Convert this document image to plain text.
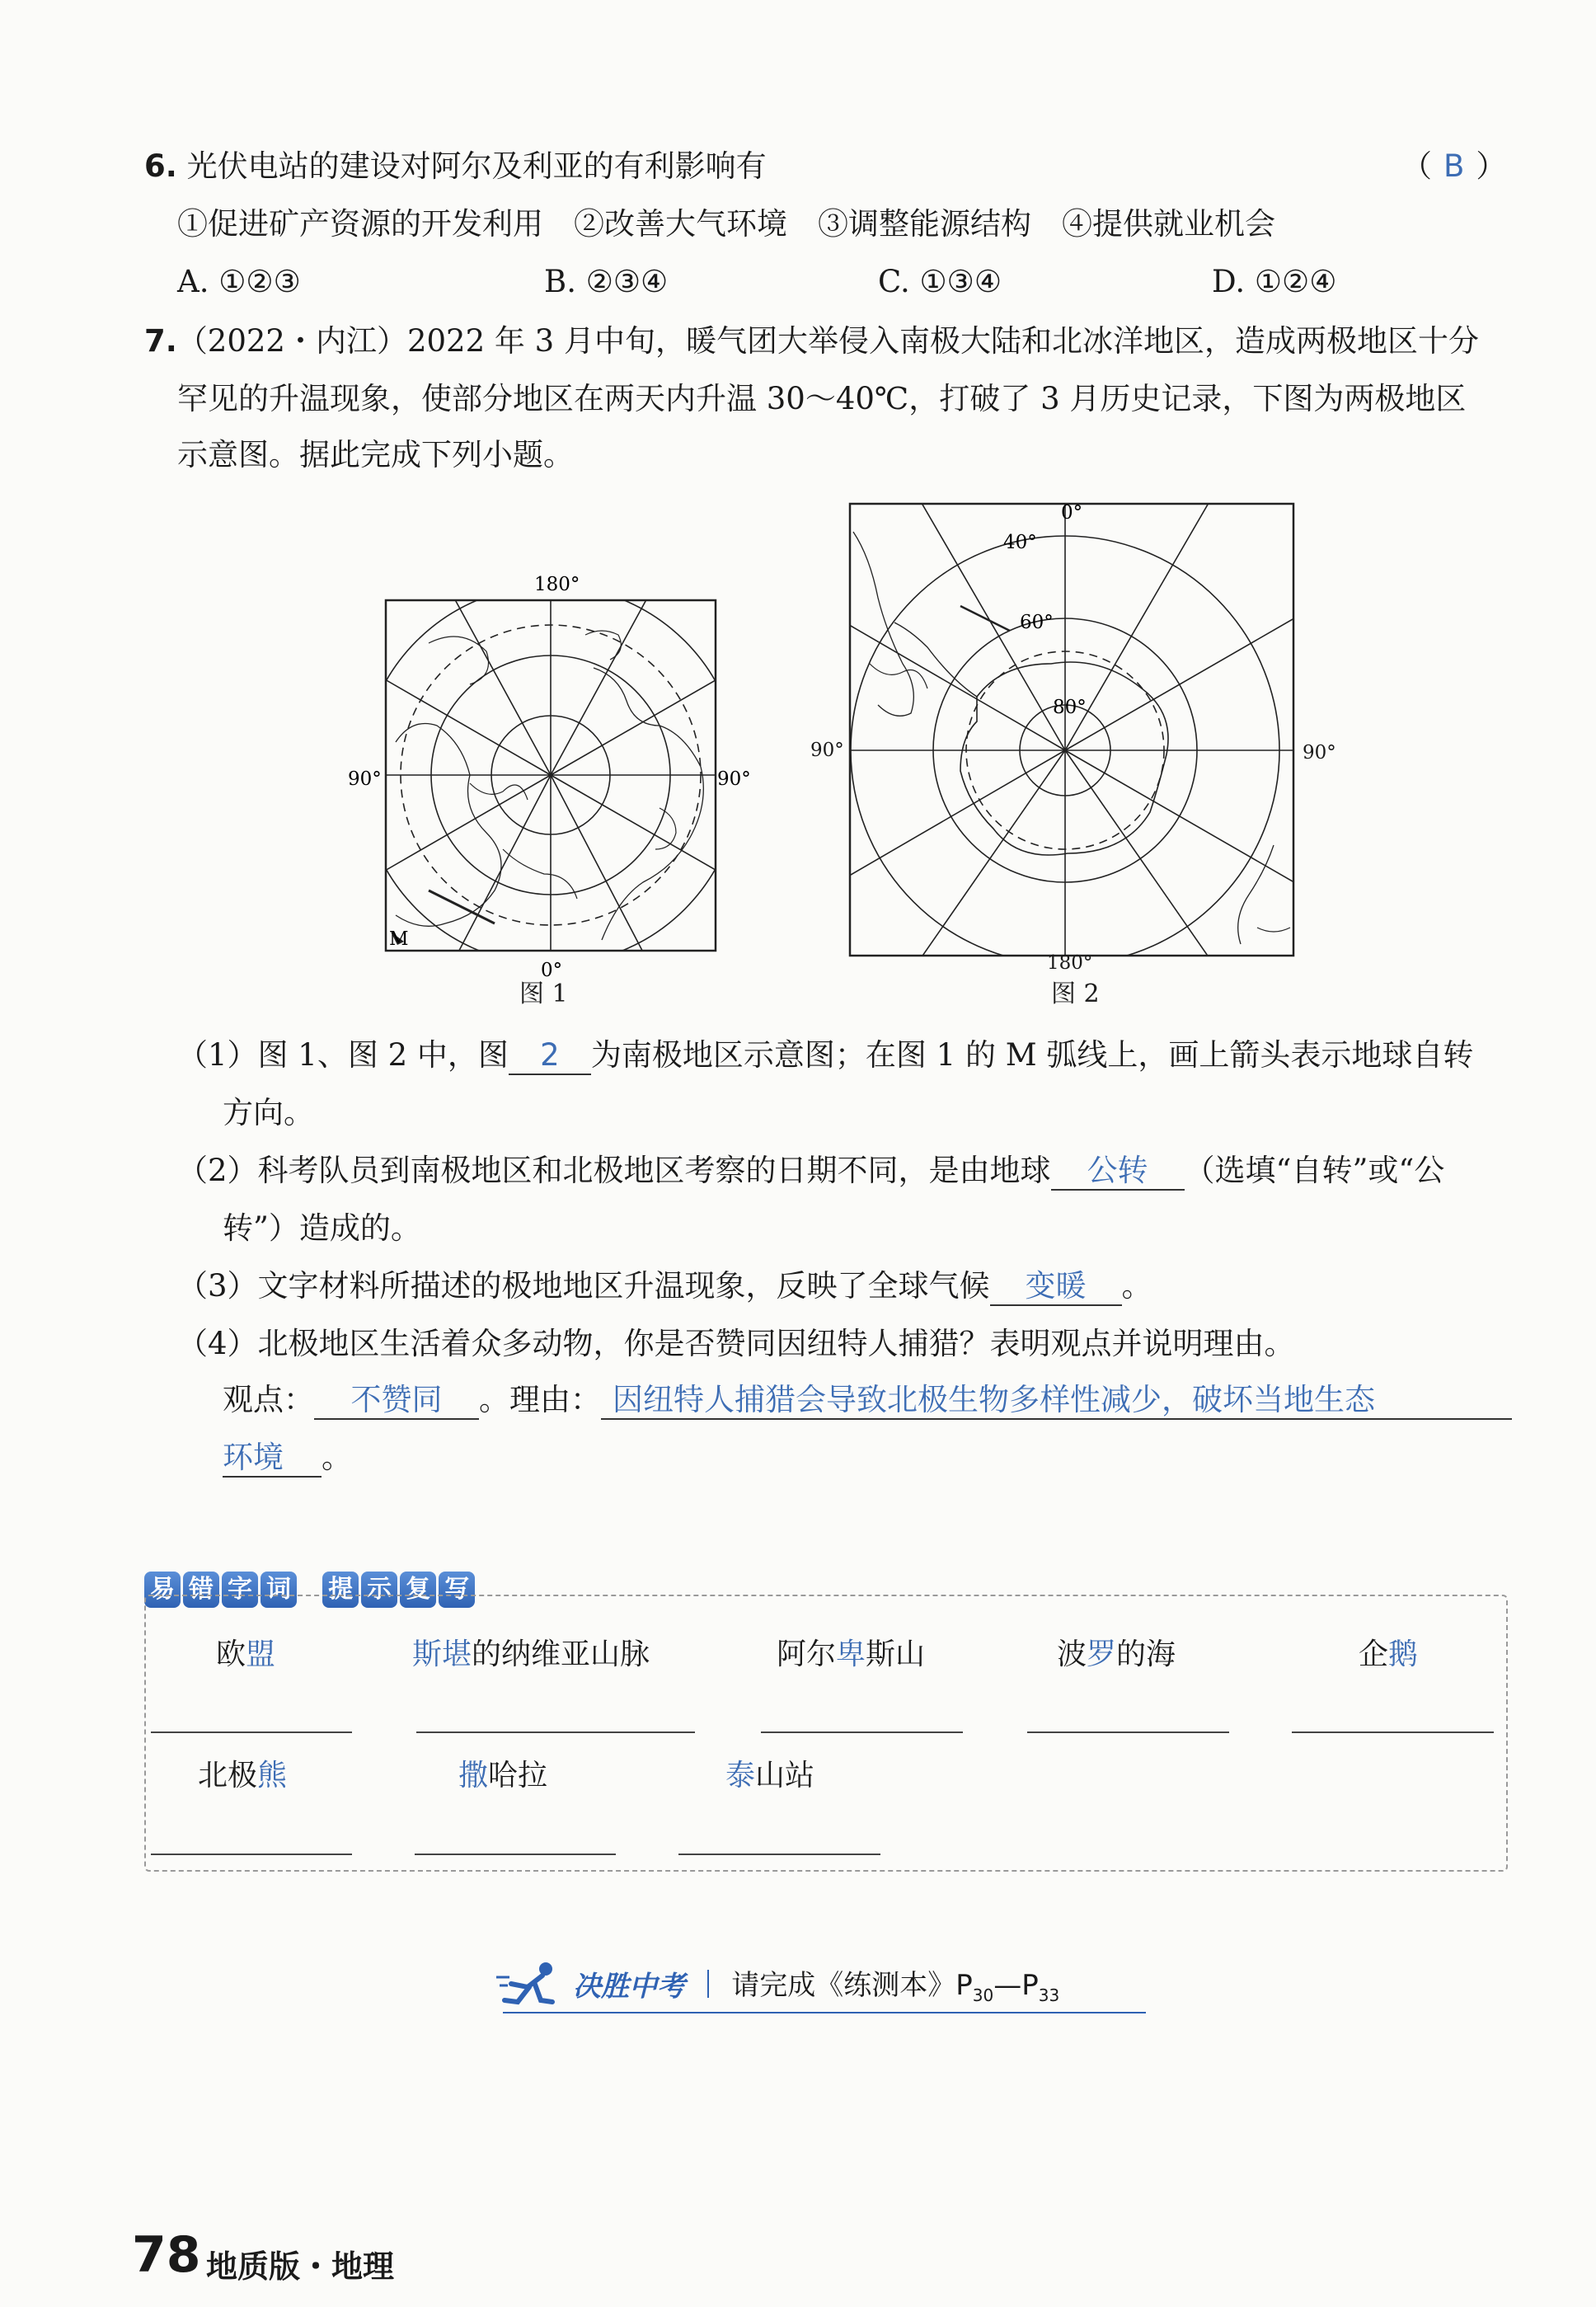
6. 光伏电站的建设对阿尔及利亚的有利影响有	（ B ）
①促进矿产资源的开发利用　②改善大气环境　③调整能源结构　④提供就业机会
A. ①②③	B. ②③④	C. ①③④	D. ①②④
7.（2022・内江）2022 年 3 月中旬，暖气团大举侵入南极大陆和北冰洋地区，造成两极地区十分
罕见的升温现象，使部分地区在两天内升温 30～40℃，打破了 3 月历史记录，下图为两极地区
示意图。据此完成下列小题。
M
180°
90°	90°
0°
图 1
0°
40°
60°
80°
90°	90°
180°
图 2
（1）图 1、图 2 中，图 2 为南极地区示意图；在图 1 的 M 弧线上，画上箭头表示地球自转
方向。
（2）科考队员到南极地区和北极地区考察的日期不同，是由地球 公转 （选填“自转”或“公
转”）造成的。
（3）文字材料所描述的极地地区升温现象，反映了全球气候 变暖 。
（4）北极地区生活着众多动物，你是否赞同因纽特人捕猎？表明观点并说明理由。
观点： 不赞同 。理由： 因纽特人捕猎会导致北极生物多样性减少，破坏当地生态
环境 。
易 错 字 词 提 示 复 写
欧盟	斯堪的纳维亚山脉	阿尔卑斯山	波罗的海	企鹅
北极熊	撒哈拉	泰山站
决胜中考 请完成《练测本》$P_{30}—P_{33}$
78 地质版・地理
